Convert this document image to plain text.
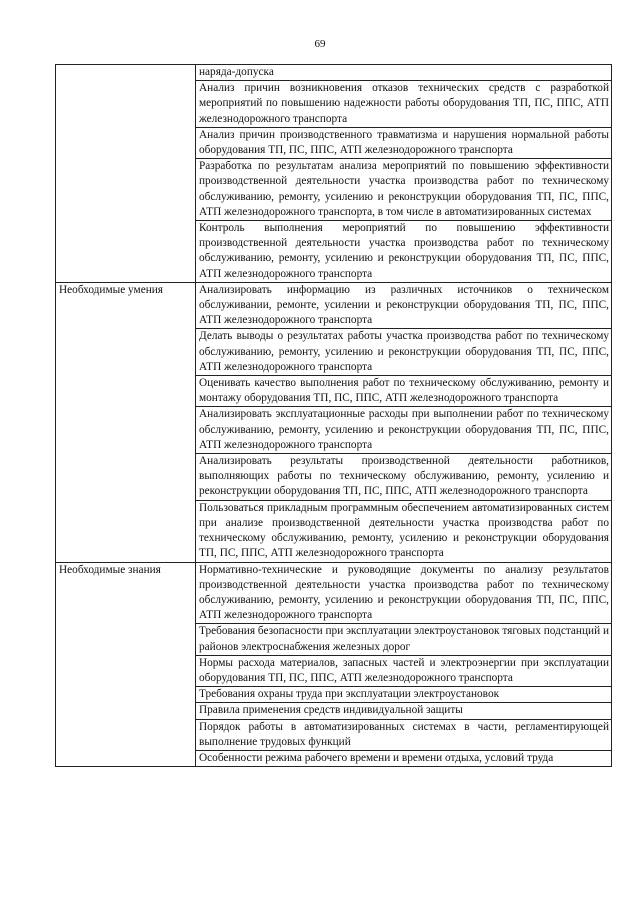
69
	наряда-допуска
	Анализ причин возникновения отказов технических средств с разработкой мероприятий по повышению надежности работы оборудования ТП, ПС, ППС, АТП железнодорожного транспорта
	Анализ причин производственного травматизма и нарушения нормальной работы оборудования ТП, ПС, ППС, АТП железнодорожного транспорта
	Разработка по результатам анализа мероприятий по повышению эффективности производственной деятельности участка производства работ по техническому обслуживанию, ремонту, усилению и реконструкции оборудования ТП, ПС, ППС, АТП железнодорожного транспорта, в том числе в автоматизированных системах
	Контроль выполнения мероприятий по повышению эффективности производственной деятельности участка производства работ по техническому обслуживанию, ремонту, усилению и реконструкции оборудования ТП, ПС, ППС, АТП железнодорожного транспорта
Необходимые умения	Анализировать информацию из различных источников о техническом обслуживании, ремонте, усилении и реконструкции оборудования ТП, ПС, ППС, АТП железнодорожного транспорта
	Делать выводы о результатах работы участка производства работ по техническому обслуживанию, ремонту, усилению и реконструкции оборудования ТП, ПС, ППС, АТП железнодорожного транспорта
	Оценивать качество выполнения работ по техническому обслуживанию, ремонту и монтажу оборудования ТП, ПС, ППС, АТП железнодорожного транспорта
	Анализировать эксплуатационные расходы при выполнении работ по техническому обслуживанию, ремонту, усилению и реконструкции оборудования ТП, ПС, ППС, АТП железнодорожного транспорта
	Анализировать результаты производственной деятельности работников, выполняющих работы по техническому обслуживанию, ремонту, усилению и реконструкции оборудования ТП, ПС, ППС, АТП железнодорожного транспорта
	Пользоваться прикладным программным обеспечением автоматизированных систем при анализе производственной деятельности участка производства работ по техническому обслуживанию, ремонту, усилению и реконструкции оборудования ТП, ПС, ППС, АТП железнодорожного транспорта
Необходимые знания	Нормативно-технические и руководящие документы по анализу результатов производственной деятельности участка производства работ по техническому обслуживанию, ремонту, усилению и реконструкции оборудования ТП, ПС, ППС, АТП железнодорожного транспорта
	Требования безопасности при эксплуатации электроустановок тяговых подстанций и районов электроснабжения железных дорог
	Нормы расхода материалов, запасных частей и электроэнергии при эксплуатации оборудования ТП, ПС, ППС, АТП железнодорожного транспорта
	Требования охраны труда при эксплуатации электроустановок
	Правила применения средств индивидуальной защиты
	Порядок работы в автоматизированных системах в части, регламентирующей выполнение трудовых функций
	Особенности режима рабочего времени и времени отдыха, условий труда
